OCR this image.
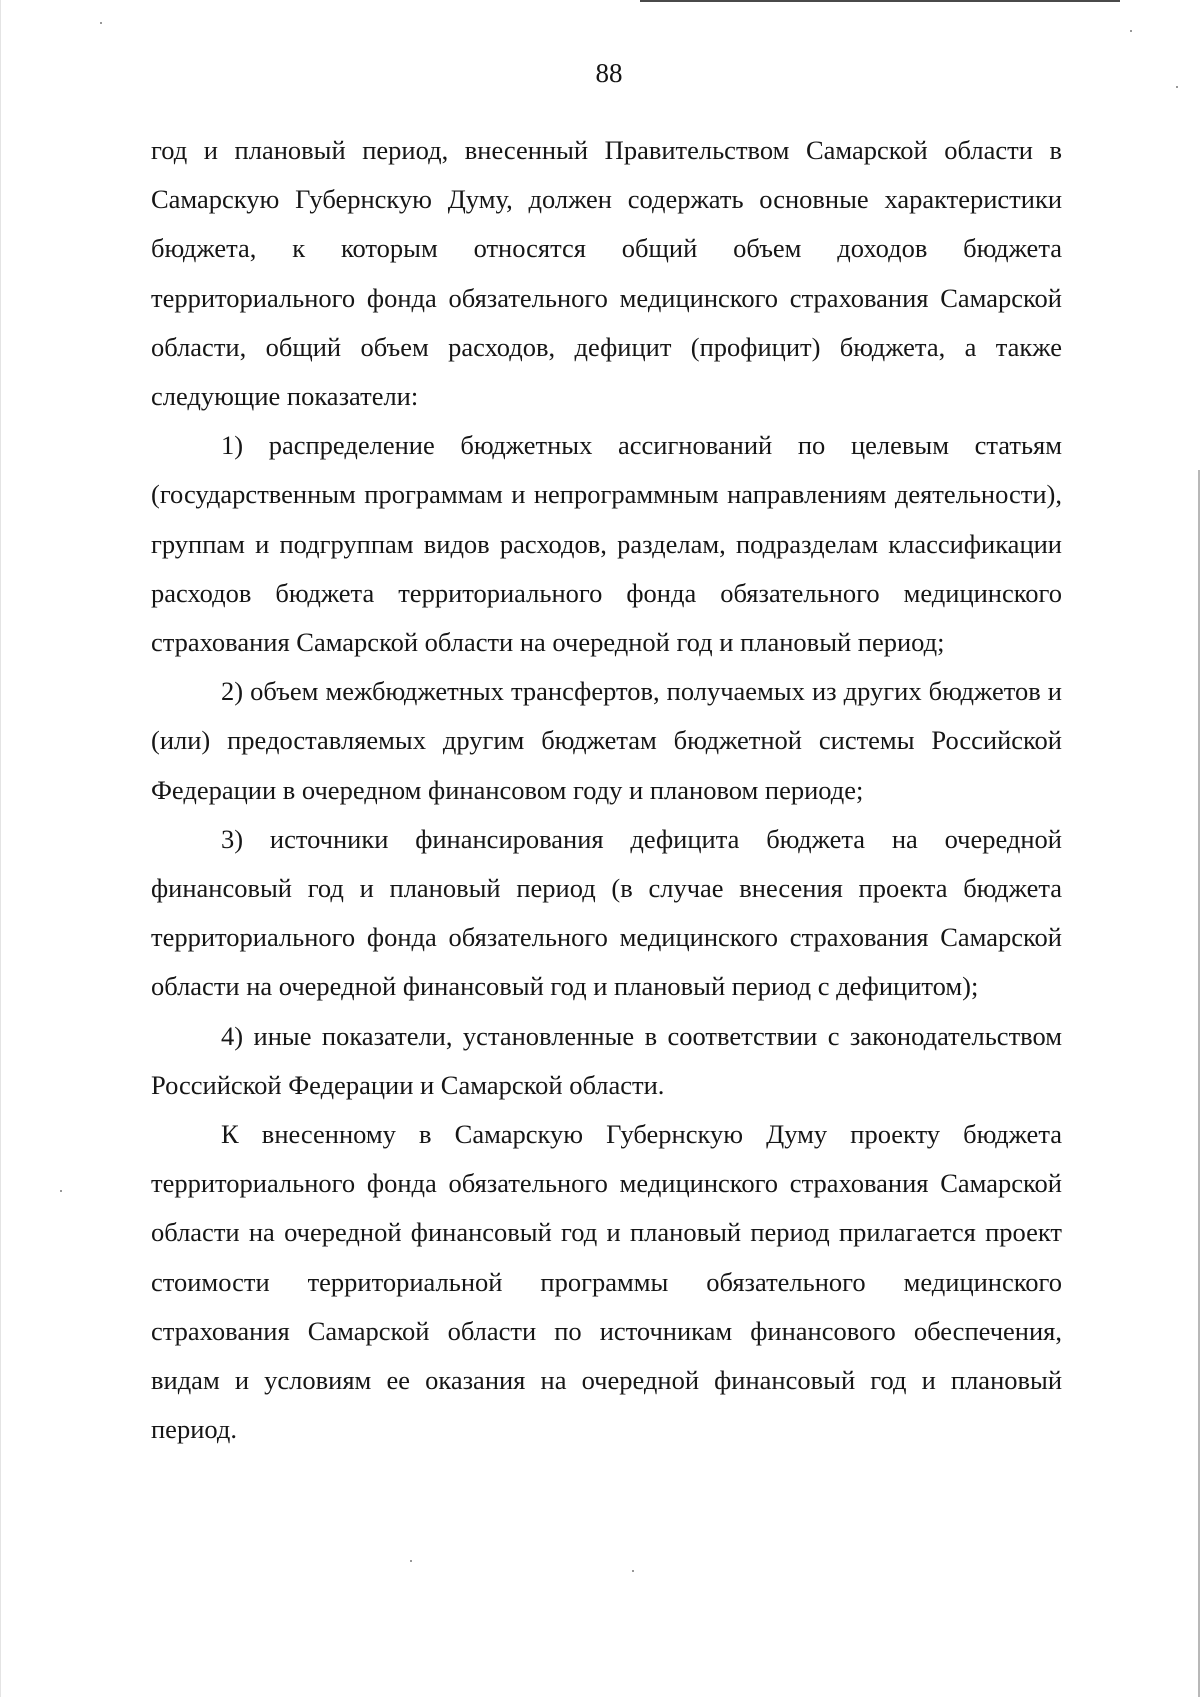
88

год и плановый период, внесенный Правительством Самарской области в Самарскую Губернскую Думу, должен содержать основные характеристики бюджета, к которым относятся общий объем доходов бюджета территориального фонда обязательного медицинского страхования Самарской области, общий объем расходов, дефицит (профицит) бюджета, а также следующие показатели:

1) распределение бюджетных ассигнований по целевым статьям (государственным программам и непрограммным направлениям деятельности), группам и подгруппам видов расходов, разделам, подразделам классификации расходов бюджета территориального фонда обязательного медицинского страхования Самарской области на очередной год и плановый период;

2) объем межбюджетных трансфертов, получаемых из других бюджетов и (или) предоставляемых другим бюджетам бюджетной системы Российской Федерации в очередном финансовом году и плановом периоде;

3) источники финансирования дефицита бюджета на очередной финансовый год и плановый период (в случае внесения проекта бюджета территориального фонда обязательного медицинского страхования Самарской области на очередной финансовый год и плановый период с дефицитом);

4) иные показатели, установленные в соответствии с законодательством Российской Федерации и Самарской области.

К внесенному в Самарскую Губернскую Думу проекту бюджета территориального фонда обязательного медицинского страхования Самарской области на очередной финансовый год и плановый период прилагается проект стоимости территориальной программы обязательного медицинского страхования Самарской области по источникам финансового обеспечения, видам и условиям ее оказания на очередной финансовый год и плановый период.
